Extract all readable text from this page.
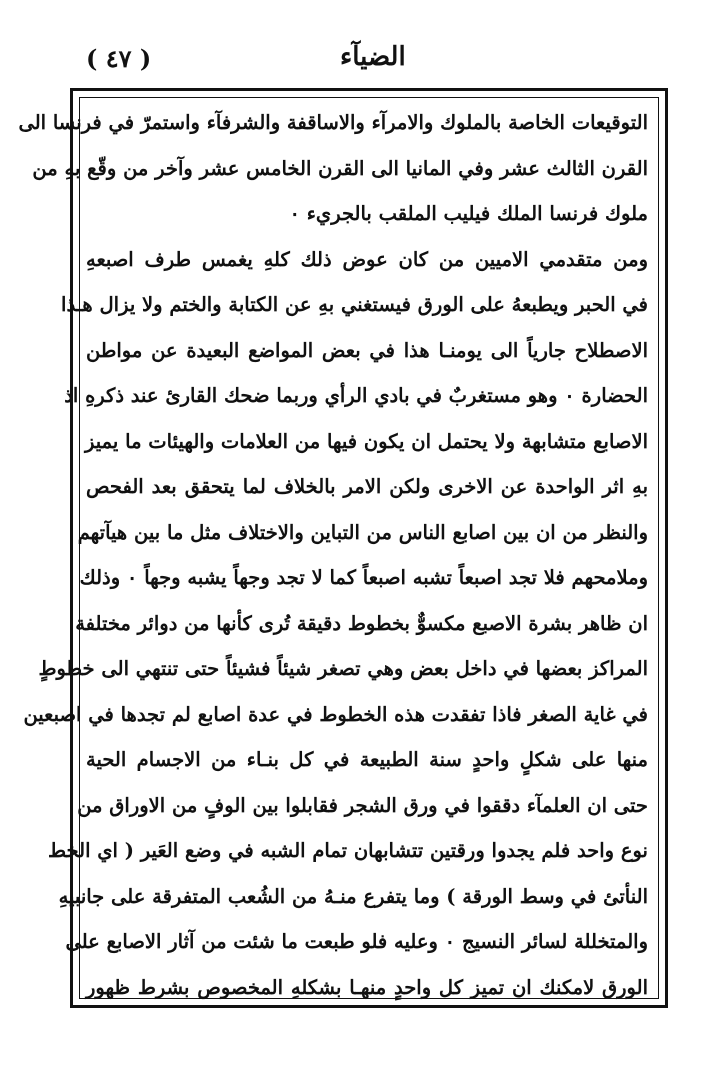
( ٤٧ )	الضيآء
التوقيعات الخاصة بالملوك والامرآء والاساقفة والشرفآء واستمرّ في فرنسا الى
القرن الثالث عشر وفي المانيا الى القرن الخامس عشر وآخر من وقّع بهِ من
ملوك فرنسا الملك فيليب الملقب بالجريء ٠
ومن متقدمي الاميين من كان عوض ذلك كلهِ يغمس طرف اصبعهِ
في الحبر ويطبعهُ على الورق فيستغني بهِ عن الكتابة والختم ولا يزال هـذا
الاصطلاح جارياً الى يومنـا هذا في بعض المواضع البعيدة عن مواطن
الحضارة ٠ وهو مستغربٌ في بادي الرأي وربما ضحك القارئ عند ذكرهِ اذ
الاصابع متشابهة ولا يحتمل ان يكون فيها من العلامات والهيئات ما يميز
بهِ اثر الواحدة عن الاخرى ولكن الامر بالخلاف لما يتحقق بعد الفحص
والنظر من ان بين اصابع الناس من التباين والاختلاف مثل ما بين هيآتهم
وملامحهم فلا تجد اصبعاً تشبه اصبعاً كما لا تجد وجهاً يشبه وجهاً ٠ وذلك
ان ظاهر بشرة الاصبع مكسوٌّ بخطوط دقيقة تُرى كأنها من دوائر مختلفة
المراكز بعضها في داخل بعض وهي تصغر شيئاً فشيئاً حتى تنتهي الى خطوطٍ
في غاية الصغر فاذا تفقدت هذه الخطوط في عدة اصابع لم تجدها في اصبعين
منها على شكلٍ واحدٍ سنة الطبيعة في كل بنـاء من الاجسام الحية
حتى ان العلمآء دققوا في ورق الشجر فقابلوا بين الوفٍ من الاوراق من
نوع واحد فلم يجدوا ورقتين تتشابهان تمام الشبه في وضع العَير ( اي الخط
النأتئ في وسط الورقة ) وما يتفرع منـهُ من الشُعب المتفرقة على جانبيهِ
والمتخللة لسائر النسيج ٠ وعليه فلو طبعت ما شئت من آثار الاصابع على
الورق لامكنك ان تميز كل واحدٍ منهـا بشكلهِ المخصوص بشرط ظهور
